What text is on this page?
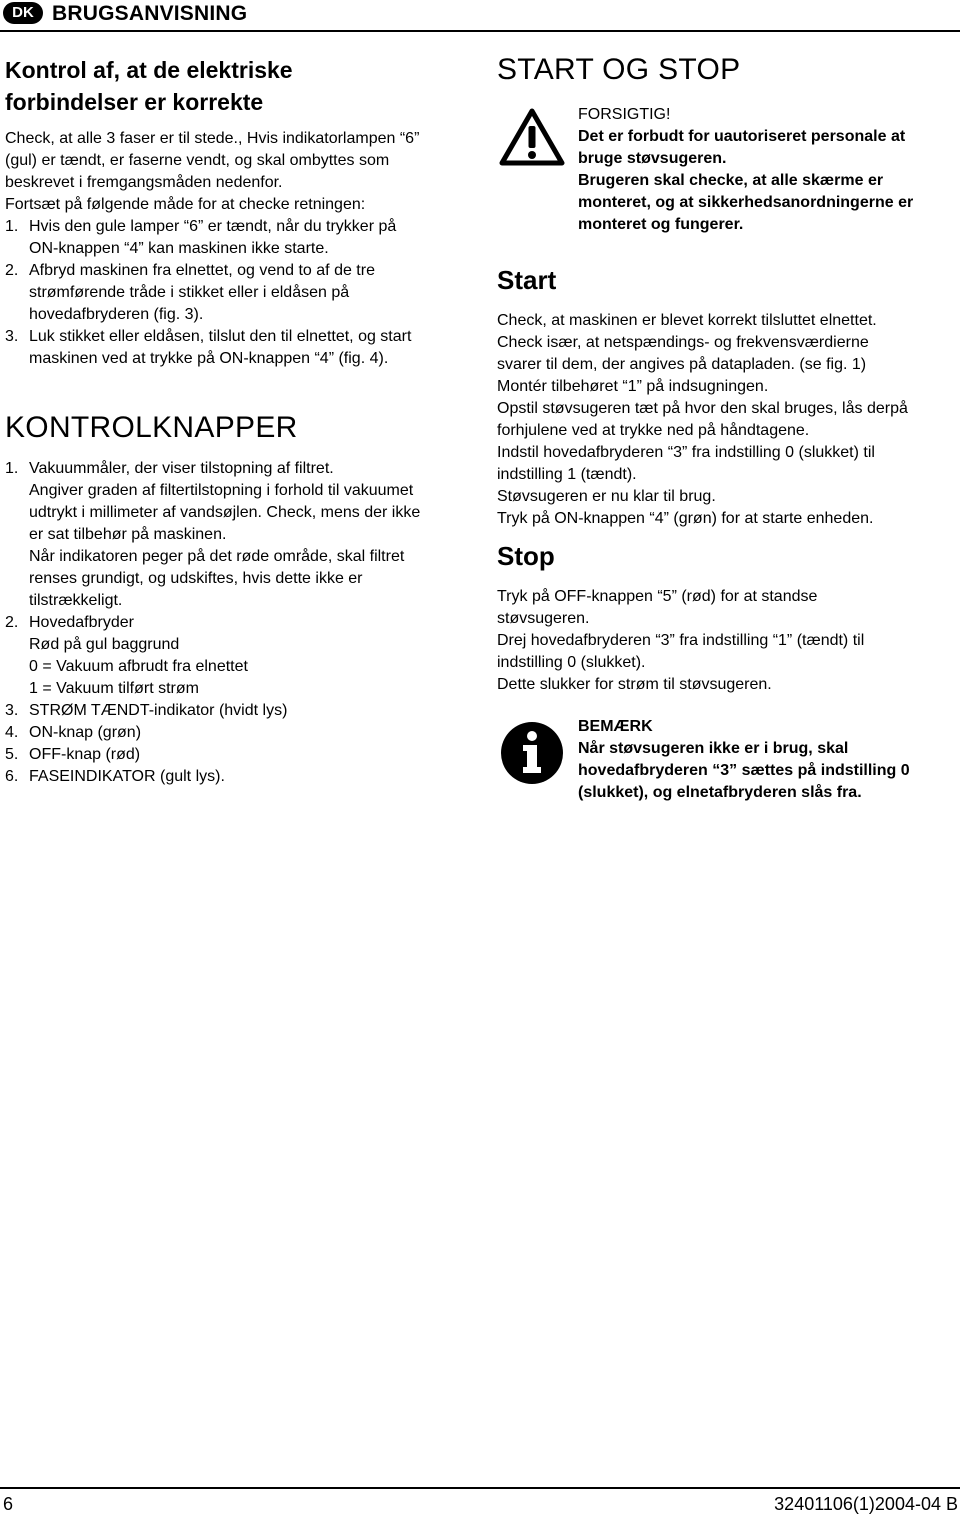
DK BRUGSANVISNING
Kontrol af, at de elektriske
forbindelser er korrekte
Check, at alle 3 faser er til stede., Hvis indikatorlampen “6”
(gul) er tændt, er faserne vendt, og skal ombyttes som
beskrevet i fremgangsmåden nedenfor.
Fortsæt på følgende måde for at checke retningen:
1. Hvis den gule lamper “6” er tændt, når du trykker på
ON-knappen “4” kan maskinen ikke starte.
2. Afbryd maskinen fra elnettet, og vend to af de tre
strømførende tråde i stikket eller i eldåsen på
hovedafbryderen (fig. 3).
3. Luk stikket eller eldåsen, tilslut den til elnettet, og start
maskinen ved at trykke på ON-knappen “4” (fig. 4).
KONTROLKNAPPER
1. Vakuummåler, der viser tilstopning af filtret.
Angiver graden af filtertilstopning i forhold til vakuumet
udtrykt i millimeter af vandsøjlen. Check, mens der ikke
er sat tilbehør på maskinen.
Når indikatoren peger på det røde område, skal filtret
renses grundigt, og udskiftes, hvis dette ikke er
tilstrækkeligt.
2. Hovedafbryder
Rød på gul baggrund
0 = Vakuum afbrudt fra elnettet
1 = Vakuum tilført strøm
3. STRØM TÆNDT-indikator (hvidt lys)
4. ON-knap (grøn)
5. OFF-knap (rød)
6. FASEINDIKATOR (gult lys).
START OG STOP

FORSIGTIG!

Det er forbudt for uautoriseret personale at

bruge støvsugeren.

Brugeren skal checke, at alle skærme er

monteret, og at sikkerhedsanordningerne er

monteret og fungerer.

Start
Check, at maskinen er blevet korrekt tilsluttet elnettet.
Check især, at netspændings- og frekvensværdierne
svarer til dem, der angives på datapladen. (se fig. 1)
Montér tilbehøret “1” på indsugningen.
Opstil støvsugeren tæt på hvor den skal bruges, lås derpå
forhjulene ved at trykke ned på håndtagene.
Indstil hovedafbryderen “3” fra indstilling 0 (slukket) til
indstilling 1 (tændt).
Støvsugeren er nu klar til brug.
Tryk på ON-knappen “4” (grøn) for at starte enheden.
Stop
Tryk på OFF-knappen “5” (rød) for at standse
støvsugeren.
Drej hovedafbryderen “3” fra indstilling “1” (tændt) til
indstilling 0 (slukket).
Dette slukker for strøm til støvsugeren.

BEMÆRK

Når støvsugeren ikke er i brug, skal

hovedafbryderen “3” sættes på indstilling 0

(slukket), og elnetafbryderen slås fra.

6	32401106(1)2004-04 B
